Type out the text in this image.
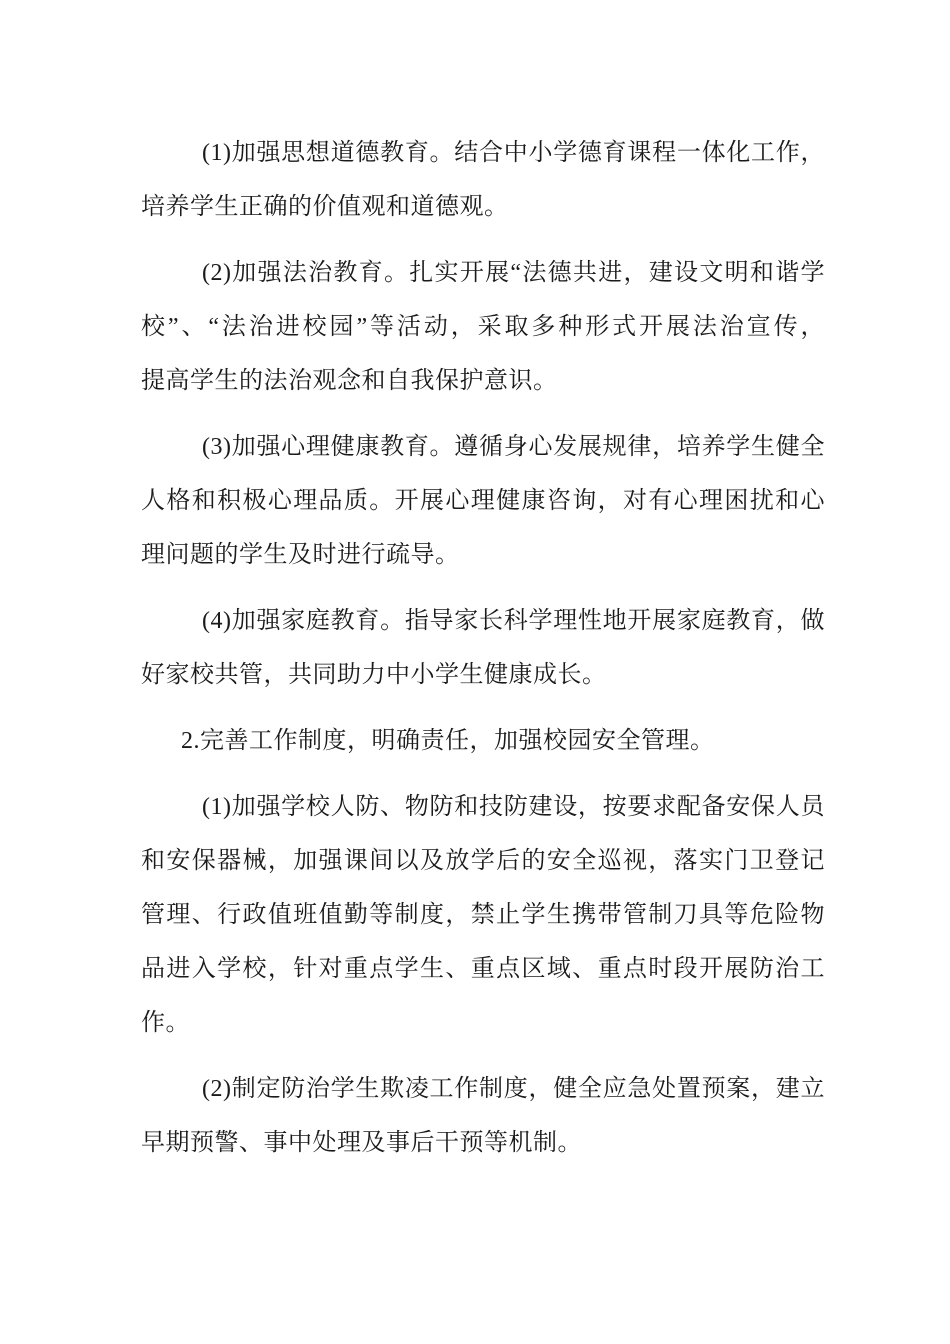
(1)加强思想道德教育。结合中小学德育课程一体化工作，
培养学生正确的价值观和道德观。

(2)加强法治教育。扎实开展“法德共进，建设文明和谐学
校”、“法治进校园”等活动，采取多种形式开展法治宣传，
提高学生的法治观念和自我保护意识。

(3)加强心理健康教育。遵循身心发展规律，培养学生健全
人格和积极心理品质。开展心理健康咨询，对有心理困扰和心
理问题的学生及时进行疏导。

(4)加强家庭教育。指导家长科学理性地开展家庭教育，做
好家校共管，共同助力中小学生健康成长。

2.完善工作制度，明确责任，加强校园安全管理。

(1)加强学校人防、物防和技防建设，按要求配备安保人员
和安保器械，加强课间以及放学后的安全巡视，落实门卫登记
管理、行政值班值勤等制度，禁止学生携带管制刀具等危险物
品进入学校，针对重点学生、重点区域、重点时段开展防治工
作。

(2)制定防治学生欺凌工作制度，健全应急处置预案，建立
早期预警、事中处理及事后干预等机制。
